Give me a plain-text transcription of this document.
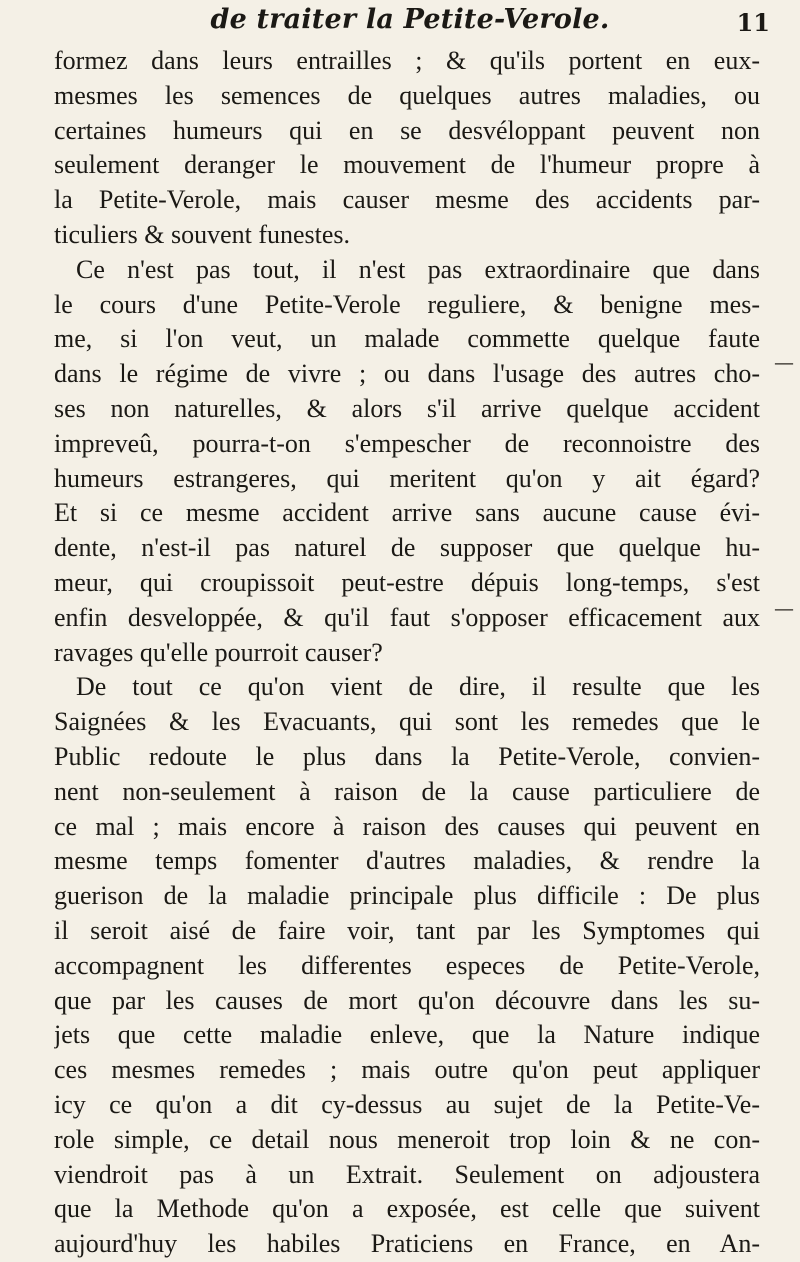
de traiter la Petite-Verole.	11
formez dans leurs entrailles ; & qu'ils portent en eux-
mesmes les semences de quelques autres maladies, ou
certaines humeurs qui en se desvéloppant peuvent non
seulement deranger le mouvement de l'humeur propre à
la Petite-Verole, mais causer mesme des accidents par-
ticuliers & souvent funestes.
Ce n'est pas tout, il n'est pas extraordinaire que dans
le cours d'une Petite-Verole reguliere, & benigne mes-
me, si l'on veut, un malade commette quelque faute
dans le régime de vivre ; ou dans l'usage des autres cho-
ses non naturelles, & alors s'il arrive quelque accident
impreveû, pourra-t-on s'empescher de reconnoistre des
humeurs estrangeres, qui meritent qu'on y ait égard?
Et si ce mesme accident arrive sans aucune cause évi-
dente, n'est-il pas naturel de supposer que quelque hu-
meur, qui croupissoit peut-estre dépuis long-temps, s'est
enfin desveloppée, & qu'il faut s'opposer efficacement aux
ravages qu'elle pourroit causer?
De tout ce qu'on vient de dire, il resulte que les
Saignées & les Evacuants, qui sont les remedes que le
Public redoute le plus dans la Petite-Verole, convien-
nent non-seulement à raison de la cause particuliere de
ce mal ; mais encore à raison des causes qui peuvent en
mesme temps fomenter d'autres maladies, & rendre la
guerison de la maladie principale plus difficile : De plus
il seroit aisé de faire voir, tant par les Symptomes qui
accompagnent les differentes especes de Petite-Verole,
que par les causes de mort qu'on découvre dans les su-
jets que cette maladie enleve, que la Nature indique
ces mesmes remedes ; mais outre qu'on peut appliquer
icy ce qu'on a dit cy-dessus au sujet de la Petite-Ve-
role simple, ce detail nous meneroit trop loin & ne con-
viendroit pas à un Extrait. Seulement on adjoustera
que la Methode qu'on a exposée, est celle que suivent
aujourd'huy les habiles Praticiens en France, en An-
—
—
